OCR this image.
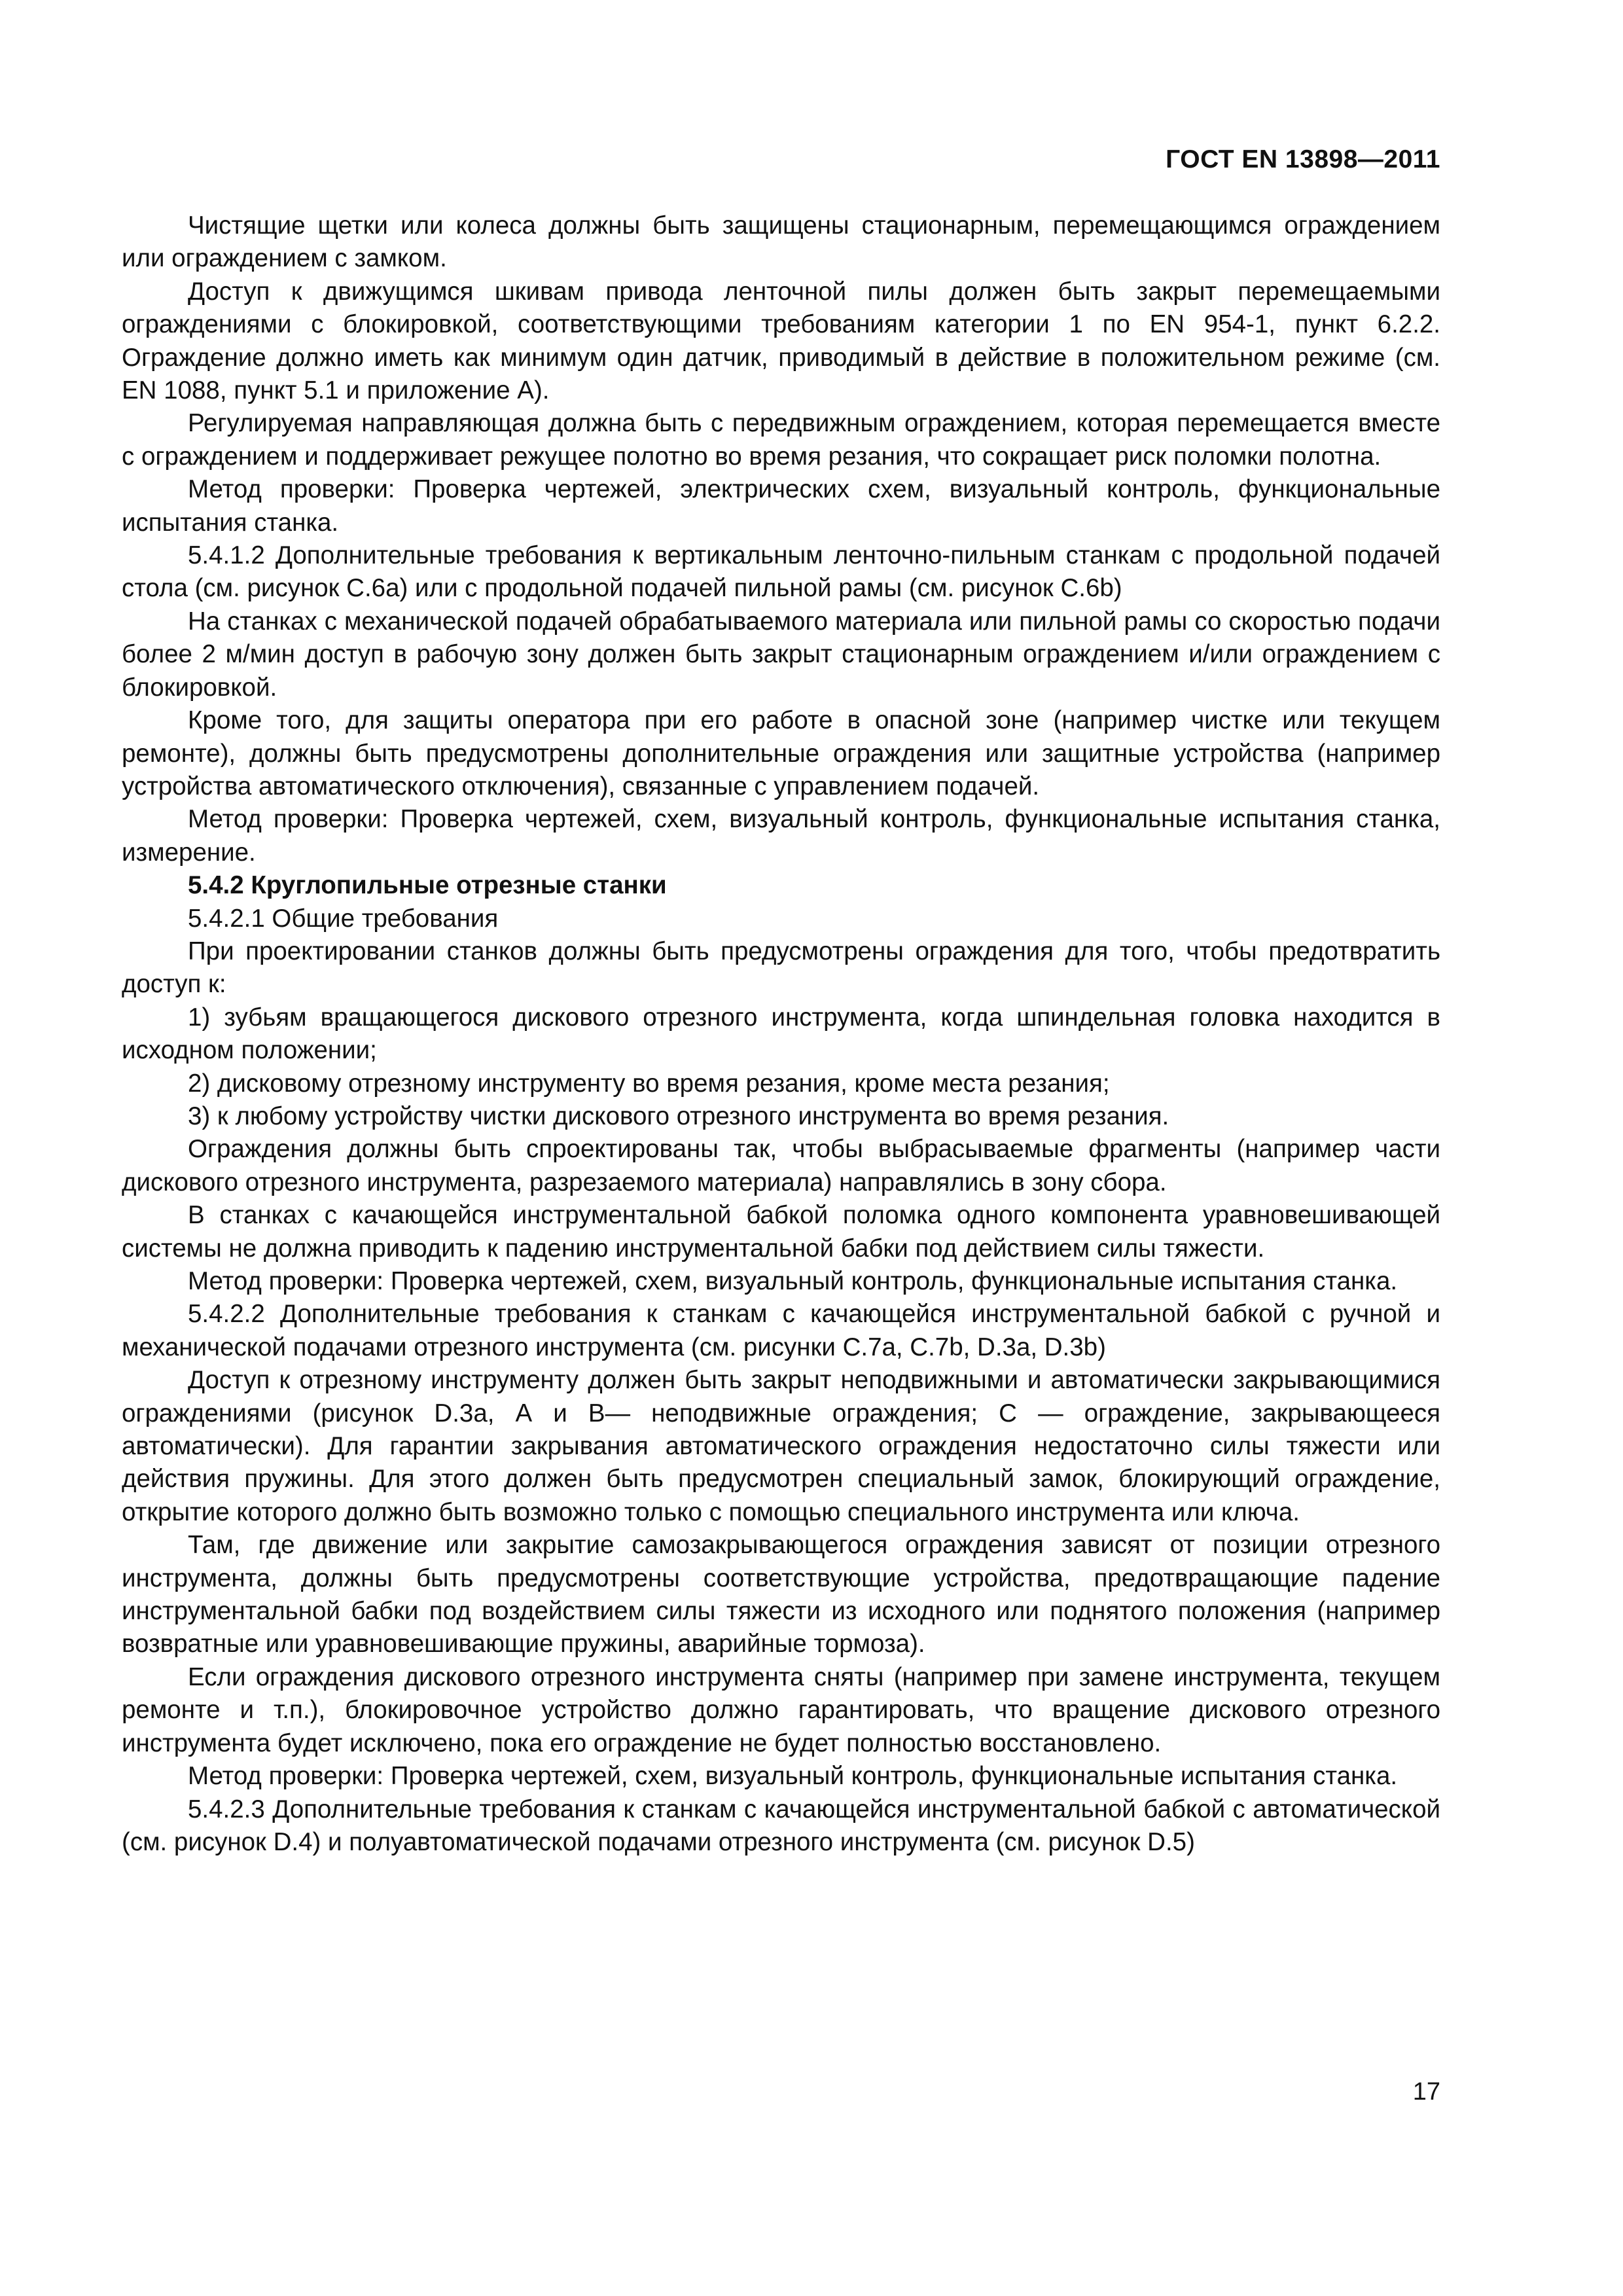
ГОСТ EN 13898—2011

Чистящие щетки или колеса должны быть защищены стационарным, перемещающимся ограждением или ограждением с замком.

Доступ к движущимся шкивам привода ленточной пилы должен быть закрыт перемещаемыми ограждениями с блокировкой, соответствующими требованиям категории 1 по EN 954-1, пункт 6.2.2. Ограждение должно иметь как минимум один датчик, приводимый в действие в положительном режиме (см. EN 1088, пункт 5.1 и приложение А).

Регулируемая направляющая должна быть с передвижным ограждением, которая перемещается вместе с ограждением и поддерживает режущее полотно во время резания, что сокращает риск поломки полотна.

Метод проверки: Проверка чертежей, электрических схем, визуальный контроль, функциональные испытания станка.

5.4.1.2 Дополнительные требования к вертикальным ленточно-пильным станкам с продольной подачей стола (см. рисунок С.6а) или с продольной подачей пильной рамы (см. рисунок С.6b)

На станках с механической подачей обрабатываемого материала или пильной рамы со скоростью подачи более 2 м/мин доступ в рабочую зону должен быть закрыт стационарным ограждением и/или ограждением с блокировкой.

Кроме того, для защиты оператора при его работе в опасной зоне (например чистке или текущем ремонте), должны быть предусмотрены дополнительные ограждения или защитные устройства (например устройства автоматического отключения), связанные с управлением подачей.

Метод проверки: Проверка чертежей, схем, визуальный контроль, функциональные испытания станка, измерение.

5.4.2 Круглопильные отрезные станки

5.4.2.1 Общие требования

При проектировании станков должны быть предусмотрены ограждения для того, чтобы предотвратить доступ к:

1) зубьям вращающегося дискового отрезного инструмента, когда шпиндельная головка находится в исходном положении;

2) дисковому отрезному инструменту во время резания, кроме места резания;

3) к любому устройству чистки дискового отрезного инструмента во время резания.

Ограждения должны быть спроектированы так, чтобы выбрасываемые фрагменты (например части дискового отрезного инструмента, разрезаемого материала) направлялись в зону сбора.

В станках с качающейся инструментальной бабкой поломка одного компонента уравновешивающей системы не должна приводить к падению инструментальной бабки под действием силы тяжести.

Метод проверки: Проверка чертежей, схем, визуальный контроль, функциональные испытания станка.

5.4.2.2 Дополнительные требования к станкам с качающейся инструментальной бабкой с ручной и механической подачами отрезного инструмента (см. рисунки С.7а, С.7b, D.3а, D.3b)

Доступ к отрезному инструменту должен быть закрыт неподвижными и автоматически закрывающимися ограждениями (рисунок D.3а, А и В— неподвижные ограждения; С — ограждение, закрывающееся автоматически). Для гарантии закрывания автоматического ограждения недостаточно силы тяжести или действия пружины. Для этого должен быть предусмотрен специальный замок, блокирующий ограждение, открытие которого должно быть возможно только с помощью специального инструмента или ключа.

Там, где движение или закрытие самозакрывающегося ограждения зависят от позиции отрезного инструмента, должны быть предусмотрены соответствующие устройства, предотвращающие падение инструментальной бабки под воздействием силы тяжести из исходного или поднятого положения (например возвратные или уравновешивающие пружины, аварийные тормоза).

Если ограждения дискового отрезного инструмента сняты (например при замене инструмента, текущем ремонте и т.п.), блокировочное устройство должно гарантировать, что вращение дискового отрезного инструмента будет исключено, пока его ограждение не будет полностью восстановлено.

Метод проверки: Проверка чертежей, схем, визуальный контроль, функциональные испытания станка.

5.4.2.3 Дополнительные требования к станкам с качающейся инструментальной бабкой с автоматической (см. рисунок D.4) и полуавтоматической подачами отрезного инструмента (см. рисунок D.5)

17
